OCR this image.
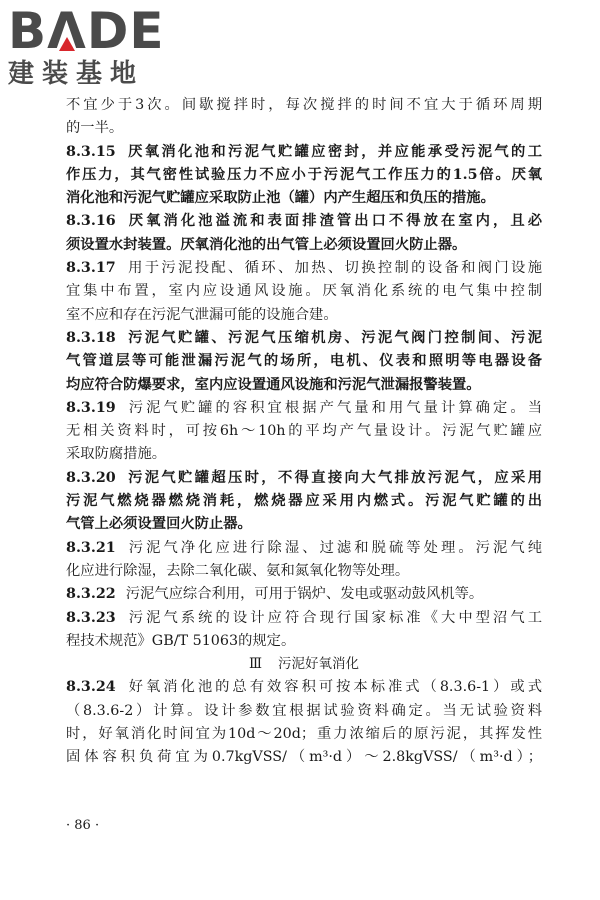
B Λ DE
建装基地
不宜少于3次。间歇搅拌时，每次搅拌的时间不宜大于循环周期
的一半。
8.3.15 厌氧消化池和污泥气贮罐应密封，并应能承受污泥气的工
作压力，其气密性试验压力不应小于污泥气工作压力的1.5倍。厌氧
消化池和污泥气贮罐应采取防止池（罐）内产生超压和负压的措施。
8.3.16 厌氧消化池溢流和表面排渣管出口不得放在室内，且必
须设置水封装置。厌氧消化池的出气管上必须设置回火防止器。
8.3.17 用于污泥投配、循环、加热、切换控制的设备和阀门设施
宜集中布置，室内应设通风设施。厌氧消化系统的电气集中控制
室不应和存在污泥气泄漏可能的设施合建。
8.3.18 污泥气贮罐、污泥气压缩机房、污泥气阀门控制间、污泥
气管道层等可能泄漏污泥气的场所，电机、仪表和照明等电器设备
均应符合防爆要求，室内应设置通风设施和污泥气泄漏报警装置。
8.3.19 污泥气贮罐的容积宜根据产气量和用气量计算确定。当
无相关资料时，可按6h～10h的平均产气量设计。污泥气贮罐应
采取防腐措施。
8.3.20 污泥气贮罐超压时，不得直接向大气排放污泥气，应采用
污泥气燃烧器燃烧消耗，燃烧器应采用内燃式。污泥气贮罐的出
气管上必须设置回火防止器。
8.3.21 污泥气净化应进行除湿、过滤和脱硫等处理。污泥气纯
化应进行除湿，去除二氧化碳、氨和氮氧化物等处理。
8.3.22 污泥气应综合利用，可用于锅炉、发电或驱动鼓风机等。
8.3.23 污泥气系统的设计应符合现行国家标准《大中型沼气工
程技术规范》GB/T 51063的规定。
Ⅲ 污泥好氧消化
8.3.24 好氧消化池的总有效容积可按本标准式（8.3.6-1）或式
（8.3.6-2）计算。设计参数宜根据试验资料确定。当无试验资料
时，好氧消化时间宜为10d～20d；重力浓缩后的原污泥，其挥发性
固体容积负荷宜为0.7kgVSS/（m³·d）～2.8kgVSS/（m³·d）；
· 86 ·
